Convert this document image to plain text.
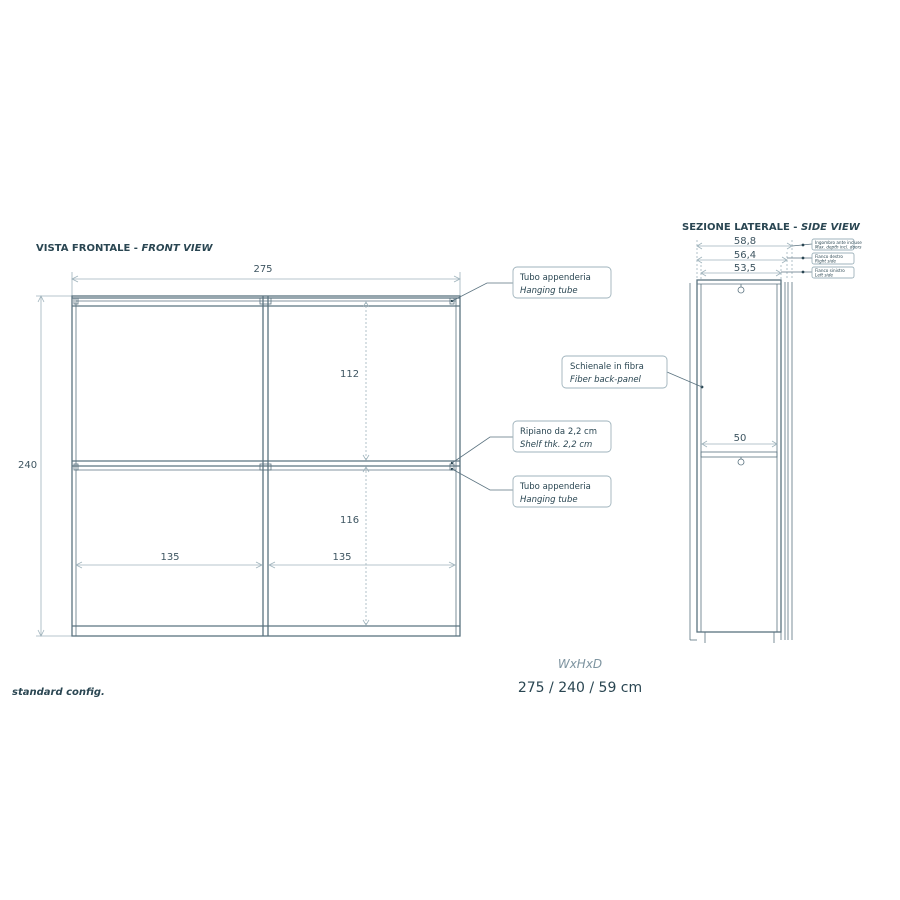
VISTA FRONTALE - FRONT VIEW
275
240
112
116
135	135
Tubo appenderia
Hanging tube
Ripiano da 2,2 cm
Shelf thk. 2,2 cm
Tubo appenderia
Hanging tube
SEZIONE LATERALE - SIDE VIEW
58,8
56,4
53,5
Ingombro ante incluse
Max. depth incl. doors
Fianco destro
Right side
Fianco sinistro
Left side
50
Schienale in fibra
Fiber back-panel
standard config.
WxHxD
275 / 240 / 59 cm
